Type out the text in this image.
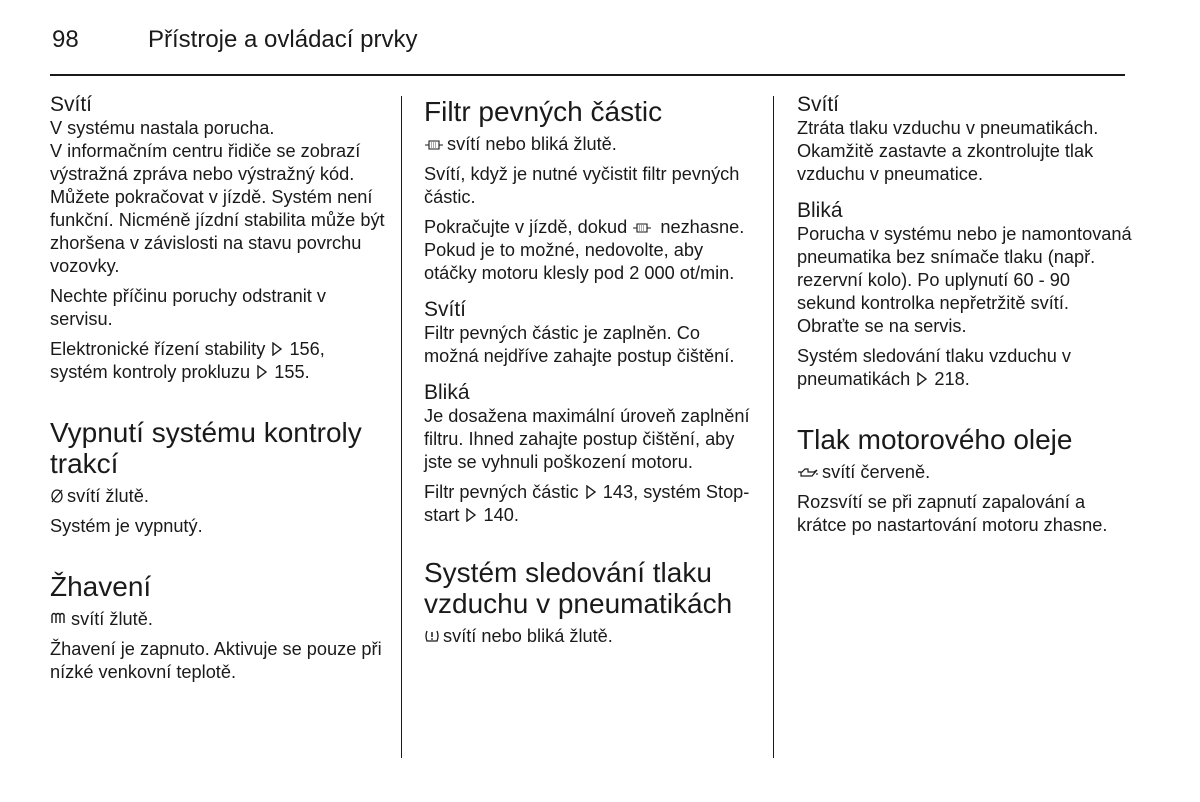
98	Přístroje a ovládací prvky
Svítí

V systému nastala porucha.
V informačním centru řidiče se zobrazí výstražná zpráva nebo výstražný kód. Můžete pokračovat v jízdě. Systém není funkční. Nicméně jízdní stabilita může být zhoršena v závislosti na stavu povrchu vozovky.

Nechte příčinu poruchy odstranit v servisu.

Elektronické řízení stability 156, systém kontroly prokluzu 155.

Vypnutí systému kontroly trakcí

svítí žlutě.

Systém je vypnutý.

Žhavení

svítí žlutě.

Žhavení je zapnuto. Aktivuje se pouze při nízké venkovní teplotě.

Filtr pevných částic

svítí nebo bliká žlutě.

Svítí, když je nutné vyčistit filtr pevných částic.

Pokračujte v jízdě, dokud nezhasne. Pokud je to možné, nedovolte, aby otáčky motoru klesly pod 2 000 ot/min.

Svítí

Filtr pevných částic je zaplněn. Co možná nejdříve zahajte postup čištění.

Bliká

Je dosažena maximální úroveň zaplnění filtru. Ihned zahajte postup čištění, aby jste se vyhnuli poškození motoru.

Filtr pevných částic 143, systém Stop-start 140.

Systém sledování tlaku vzduchu v pneumatikách

svítí nebo bliká žlutě.

Svítí

Ztráta tlaku vzduchu v pneumatikách. Okamžitě zastavte a zkontrolujte tlak vzduchu v pneumatice.

Bliká

Porucha v systému nebo je namontovaná pneumatika bez snímače tlaku (např. rezervní kolo). Po uplynutí 60 - 90 sekund kontrolka nepřetržitě svítí. Obraťte se na servis.

Systém sledování tlaku vzduchu v pneumatikách 218.

Tlak motorového oleje

svítí červeně.

Rozsvítí se při zapnutí zapalování a krátce po nastartování motoru zhasne.
